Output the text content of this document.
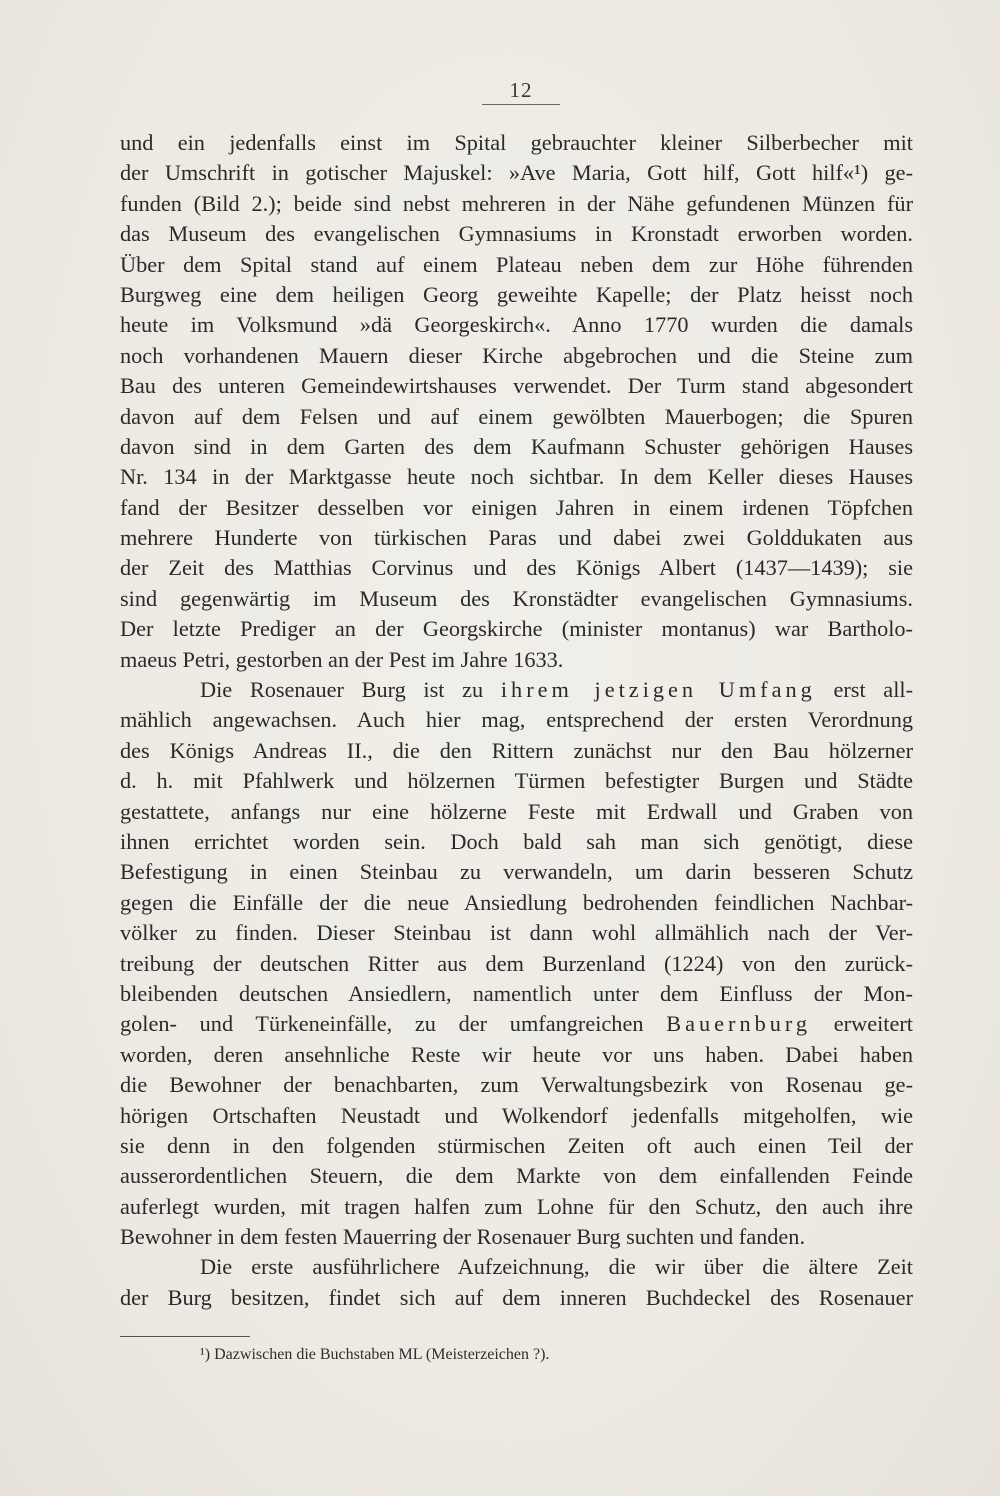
12
und ein jedenfalls einst im Spital gebrauchter kleiner Silberbecher mit
der Umschrift in gotischer Majuskel: »Ave Maria, Gott hilf, Gott hilf«¹) ge-
funden (Bild 2.); beide sind nebst mehreren in der Nähe gefundenen Münzen für
das Museum des evangelischen Gymnasiums in Kronstadt erworben worden.
Über dem Spital stand auf einem Plateau neben dem zur Höhe führenden
Burgweg eine dem heiligen Georg geweihte Kapelle; der Platz heisst noch
heute im Volksmund »dä Georgeskirch«. Anno 1770 wurden die damals
noch vorhandenen Mauern dieser Kirche abgebrochen und die Steine zum
Bau des unteren Gemeindewirtshauses verwendet. Der Turm stand abgesondert
davon auf dem Felsen und auf einem gewölbten Mauerbogen; die Spuren
davon sind in dem Garten des dem Kaufmann Schuster gehörigen Hauses
Nr. 134 in der Marktgasse heute noch sichtbar. In dem Keller dieses Hauses
fand der Besitzer desselben vor einigen Jahren in einem irdenen Töpfchen
mehrere Hunderte von türkischen Paras und dabei zwei Golddukaten aus
der Zeit des Matthias Corvinus und des Königs Albert (1437—1439); sie
sind gegenwärtig im Museum des Kronstädter evangelischen Gymnasiums.
Der letzte Prediger an der Georgskirche (minister montanus) war Bartholo-
maeus Petri, gestorben an der Pest im Jahre 1633.
Die Rosenauer Burg ist zu ihrem jetzigen Umfang erst all-
mählich angewachsen. Auch hier mag, entsprechend der ersten Verordnung
des Königs Andreas II., die den Rittern zunächst nur den Bau hölzerner
d. h. mit Pfahlwerk und hölzernen Türmen befestigter Burgen und Städte
gestattete, anfangs nur eine hölzerne Feste mit Erdwall und Graben von
ihnen errichtet worden sein. Doch bald sah man sich genötigt, diese
Befestigung in einen Steinbau zu verwandeln, um darin besseren Schutz
gegen die Einfälle der die neue Ansiedlung bedrohenden feindlichen Nachbar-
völker zu finden. Dieser Steinbau ist dann wohl allmählich nach der Ver-
treibung der deutschen Ritter aus dem Burzenland (1224) von den zurück-
bleibenden deutschen Ansiedlern, namentlich unter dem Einfluss der Mon-
golen- und Türkeneinfälle, zu der umfangreichen Bauernburg erweitert
worden, deren ansehnliche Reste wir heute vor uns haben. Dabei haben
die Bewohner der benachbarten, zum Verwaltungsbezirk von Rosenau ge-
hörigen Ortschaften Neustadt und Wolkendorf jedenfalls mitgeholfen, wie
sie denn in den folgenden stürmischen Zeiten oft auch einen Teil der
ausserordentlichen Steuern, die dem Markte von dem einfallenden Feinde
auferlegt wurden, mit tragen halfen zum Lohne für den Schutz, den auch ihre
Bewohner in dem festen Mauerring der Rosenauer Burg suchten und fanden.
Die erste ausführlichere Aufzeichnung, die wir über die ältere Zeit
der Burg besitzen, findet sich auf dem inneren Buchdeckel des Rosenauer
¹) Dazwischen die Buchstaben ML (Meisterzeichen ?).
